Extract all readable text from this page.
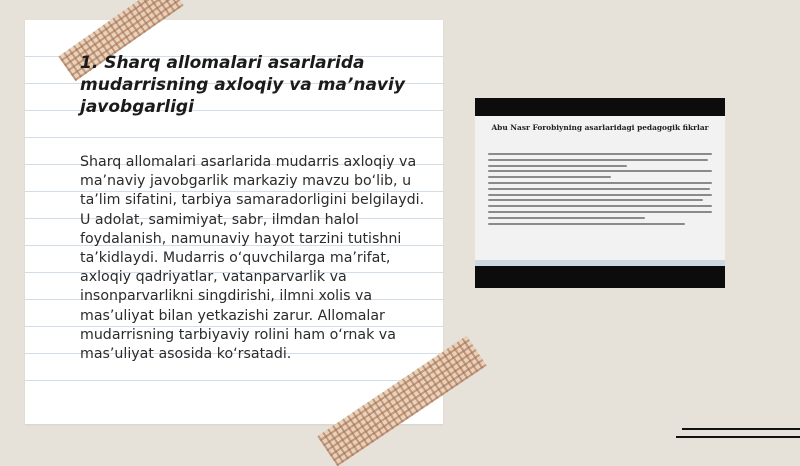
1. Sharq allomalari asarlarida mudarrisning axloqiy va ma’naviy javobgarligi

Sharq allomalari asarlarida mudarris axloqiy va ma’naviy javobgarlik markaziy mavzu bo‘lib, u ta’lim sifatini, tarbiya samaradorligini belgilaydi. U adolat, samimiyat, sabr, ilmdan halol foydalanish, namunaviy hayot tarzini tutishni ta’kidlaydi. Mudarris o‘quvchilarga ma’rifat, axloqiy qadriyatlar, vatanparvarlik va insonparvarlikni singdirishi, ilmni xolis va mas’uliyat bilan yetkazishi zarur. Allomalar mudarrisning tarbiyaviy rolini ham o‘rnak va mas’uliyat asosida ko‘rsatadi.

Abu Nasr Forobiyning asarlaridagi pedagogik fikrlar
